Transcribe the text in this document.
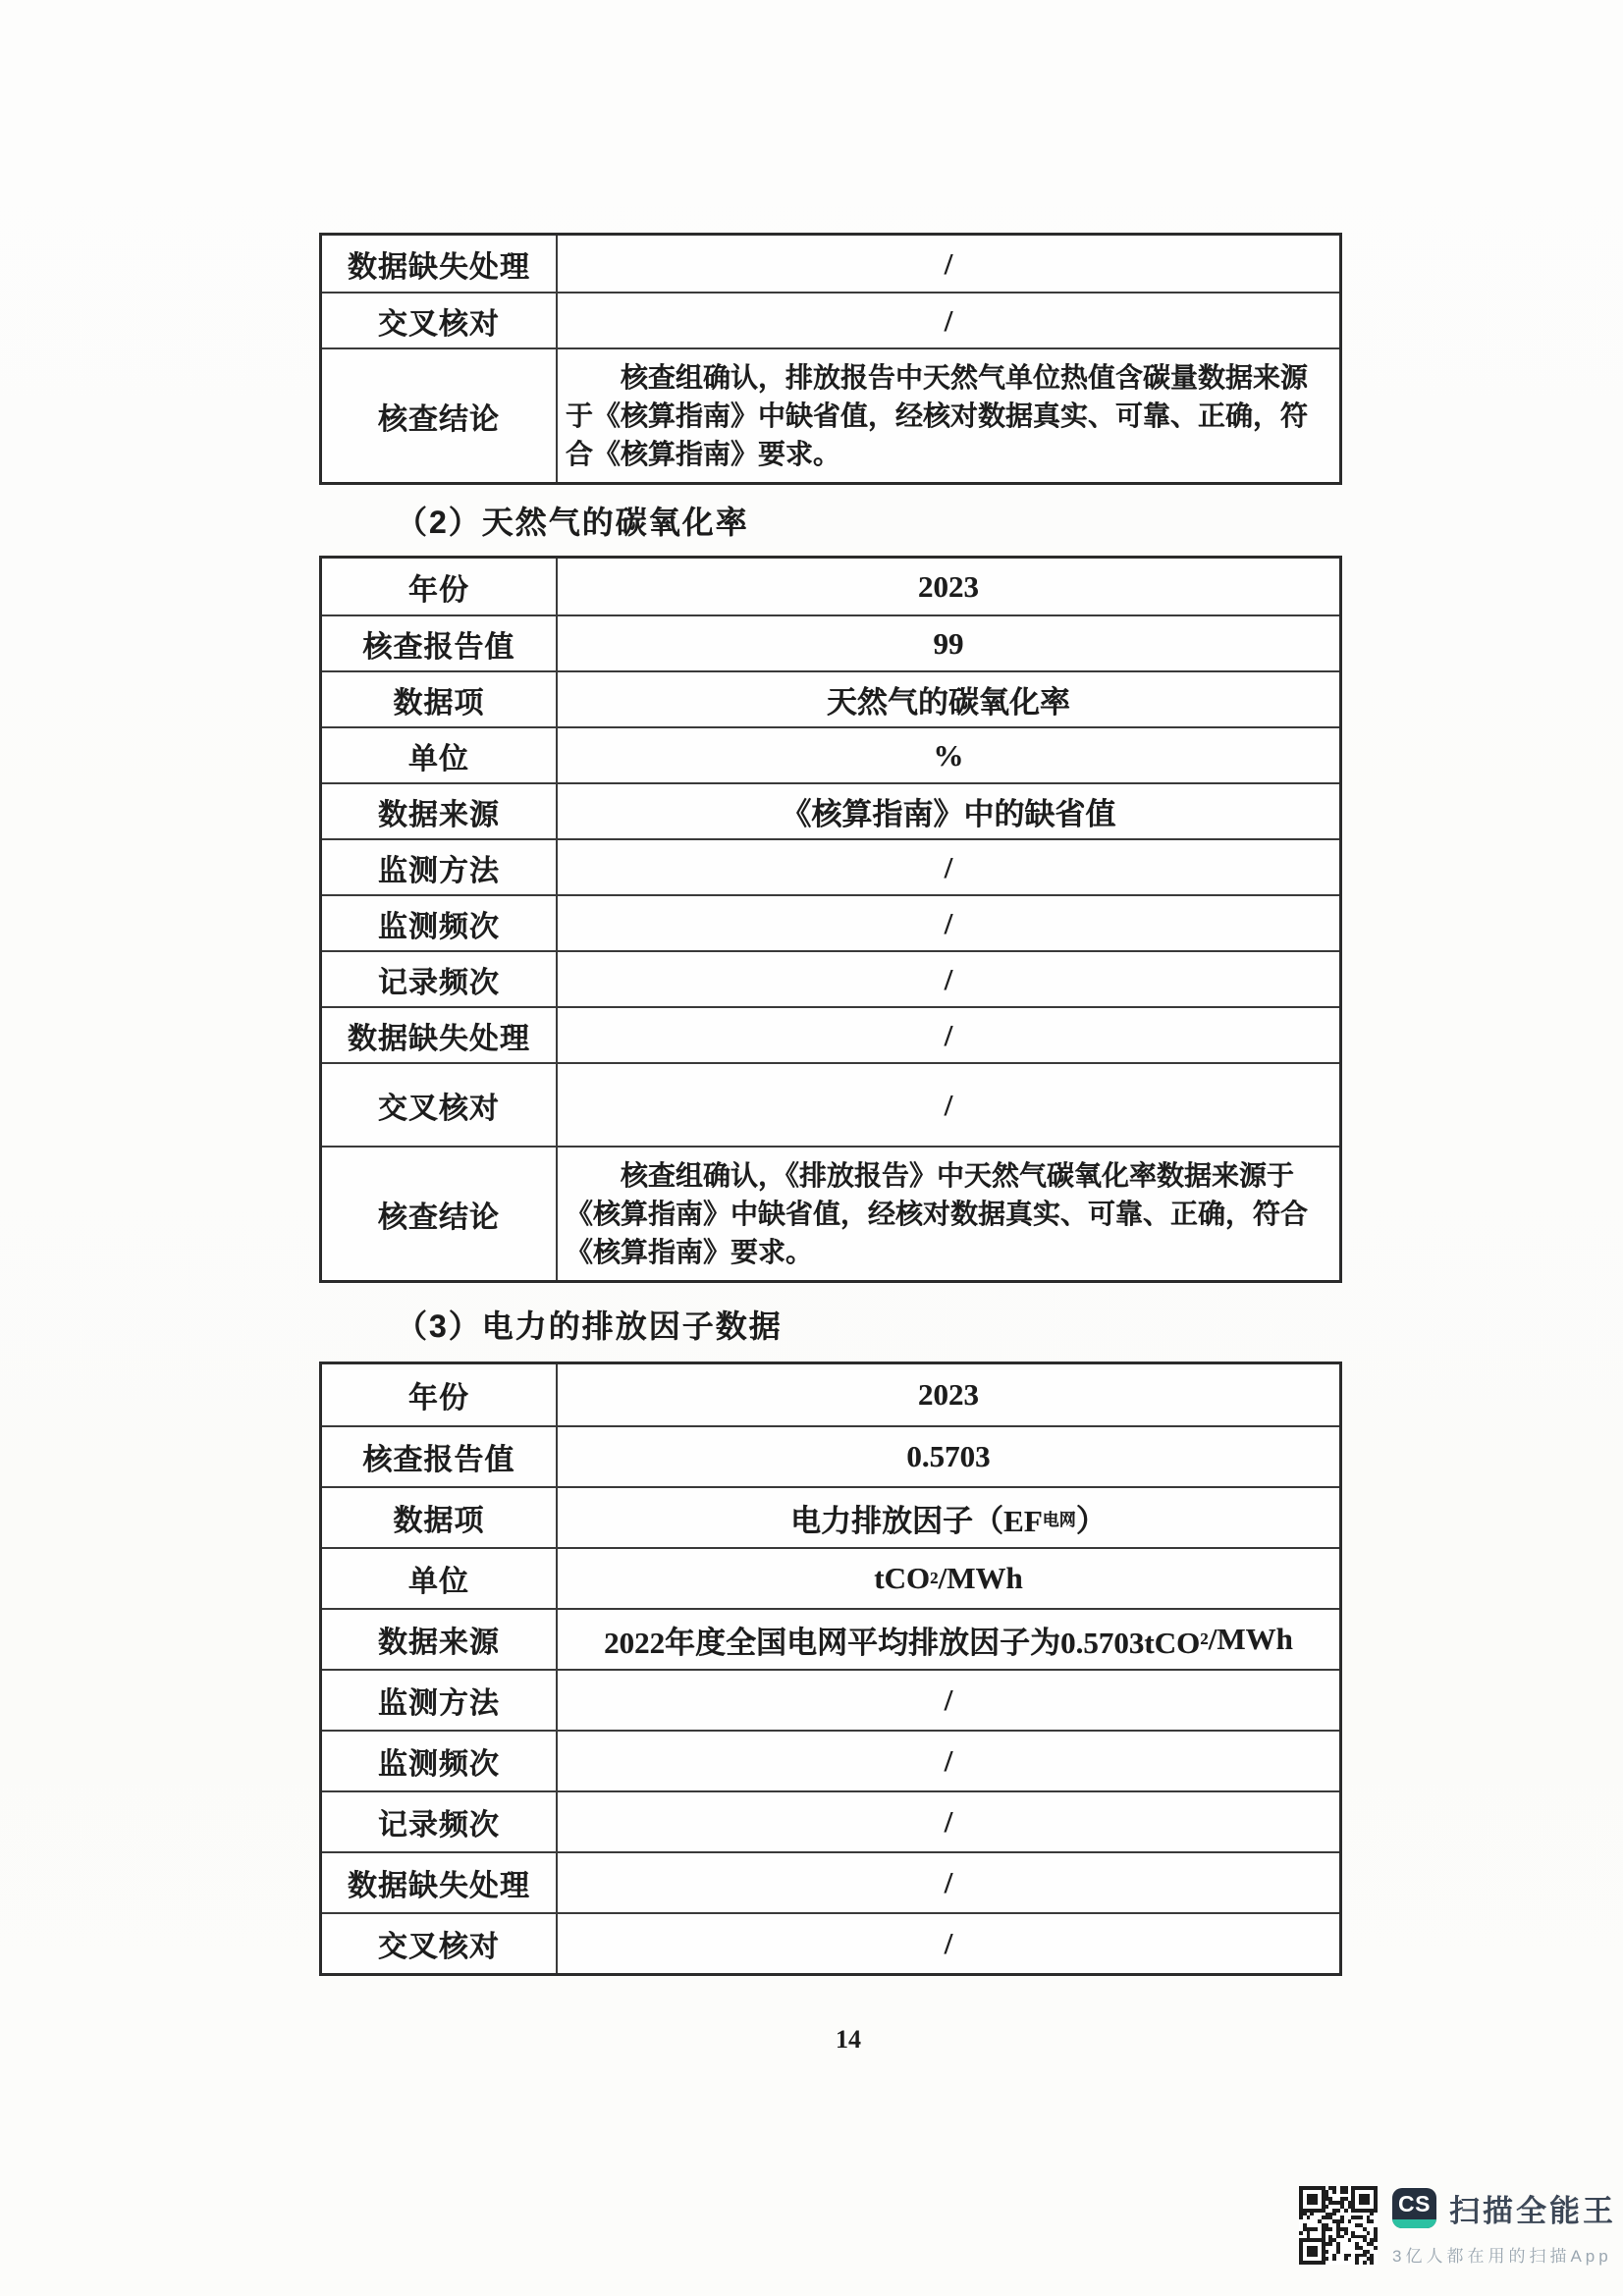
数据缺失处理	/
交叉核对	/
核查结论
核查组确认，排放报告中天然气单位热值含碳量数据来源于《核算指南》中缺省值，经核对数据真实、可靠、正确，符合《核算指南》要求。
（2）天然气的碳氧化率
年份	2023
核查报告值	99
数据项	天然气的碳氧化率
单位	%
数据来源	《核算指南》中的缺省值
监测方法	/
监测频次	/
记录频次	/
数据缺失处理	/
交叉核对	/
核查结论
核查组确认，《排放报告》中天然气碳氧化率数据来源于《核算指南》中缺省值，经核对数据真实、可靠、正确，符合《核算指南》要求。
（3）电力的排放因子数据
年份	2023
核查报告值	0.5703
数据项	电力排放因子（EF 电网 ）
单位	tCO 2 /MWh
数据来源	2022年度全国电网平均排放因子为0.5703tCO 2 /MWh
监测方法	/
监测频次	/
记录频次	/
数据缺失处理	/
交叉核对	/
14
CS 扫描全能王
3亿人都在用的扫描App
